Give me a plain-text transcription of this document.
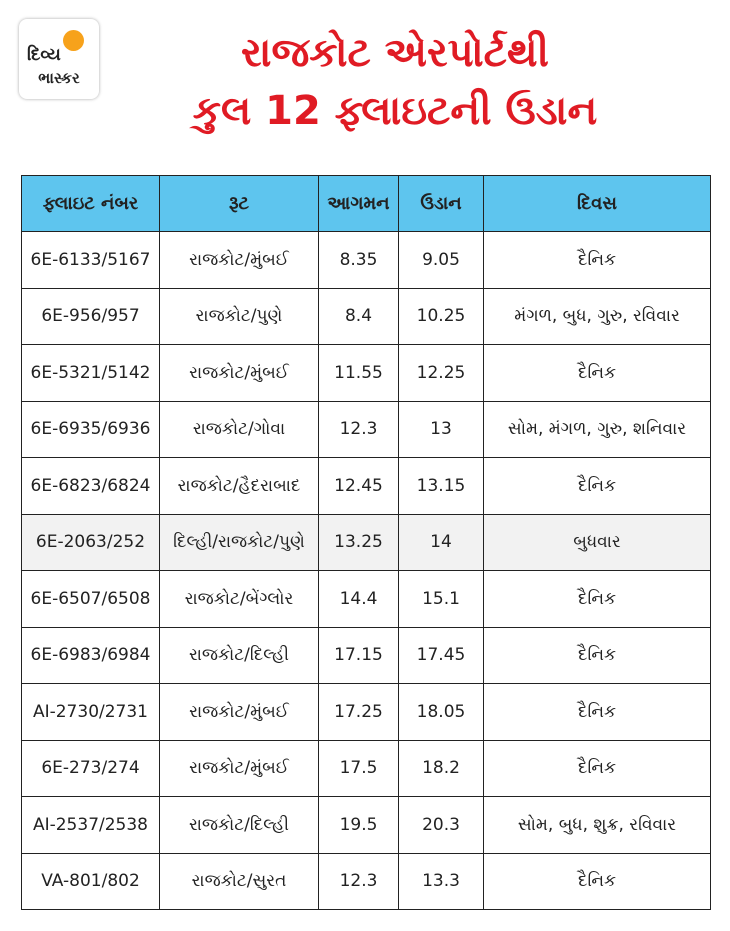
દિવ્ય
ભાસ્કર
રાજકોટ એરપોર્ટથી
કુલ 12 ફ્લાઇટની ઉડાન
ફ્લાઇટ નંબર	રૂટ	આગમન	ઉડાન	દિવસ
6E-6133/5167	રાજકોટ/મુંબઈ	8.35	9.05	દૈનિક
6E-956/957	રાજકોટ/પુણે	8.4	10.25	મંગળ, બુધ, ગુરુ, રવિવાર
6E-5321/5142	રાજકોટ/મુંબઈ	11.55	12.25	દૈનિક
6E-6935/6936	રાજકોટ/ગોવા	12.3	13	સોમ, મંગળ, ગુરુ, શનિવાર
6E-6823/6824	રાજકોટ/હૈદરાબાદ	12.45	13.15	દૈનિક
6E-2063/252	દિલ્હી/રાજકોટ/પુણે	13.25	14	બુધવાર
6E-6507/6508	રાજકોટ/બેંગ્લોર	14.4	15.1	દૈનિક
6E-6983/6984	રાજકોટ/દિલ્હી	17.15	17.45	દૈનિક
AI-2730/2731	રાજકોટ/મુંબઈ	17.25	18.05	દૈનિક
6E-273/274	રાજકોટ/મુંબઈ	17.5	18.2	દૈનિક
AI-2537/2538	રાજકોટ/દિલ્હી	19.5	20.3	સોમ, બુધ, શુક્ર, રવિવાર
VA-801/802	રાજકોટ/સુરત	12.3	13.3	દૈનિક
